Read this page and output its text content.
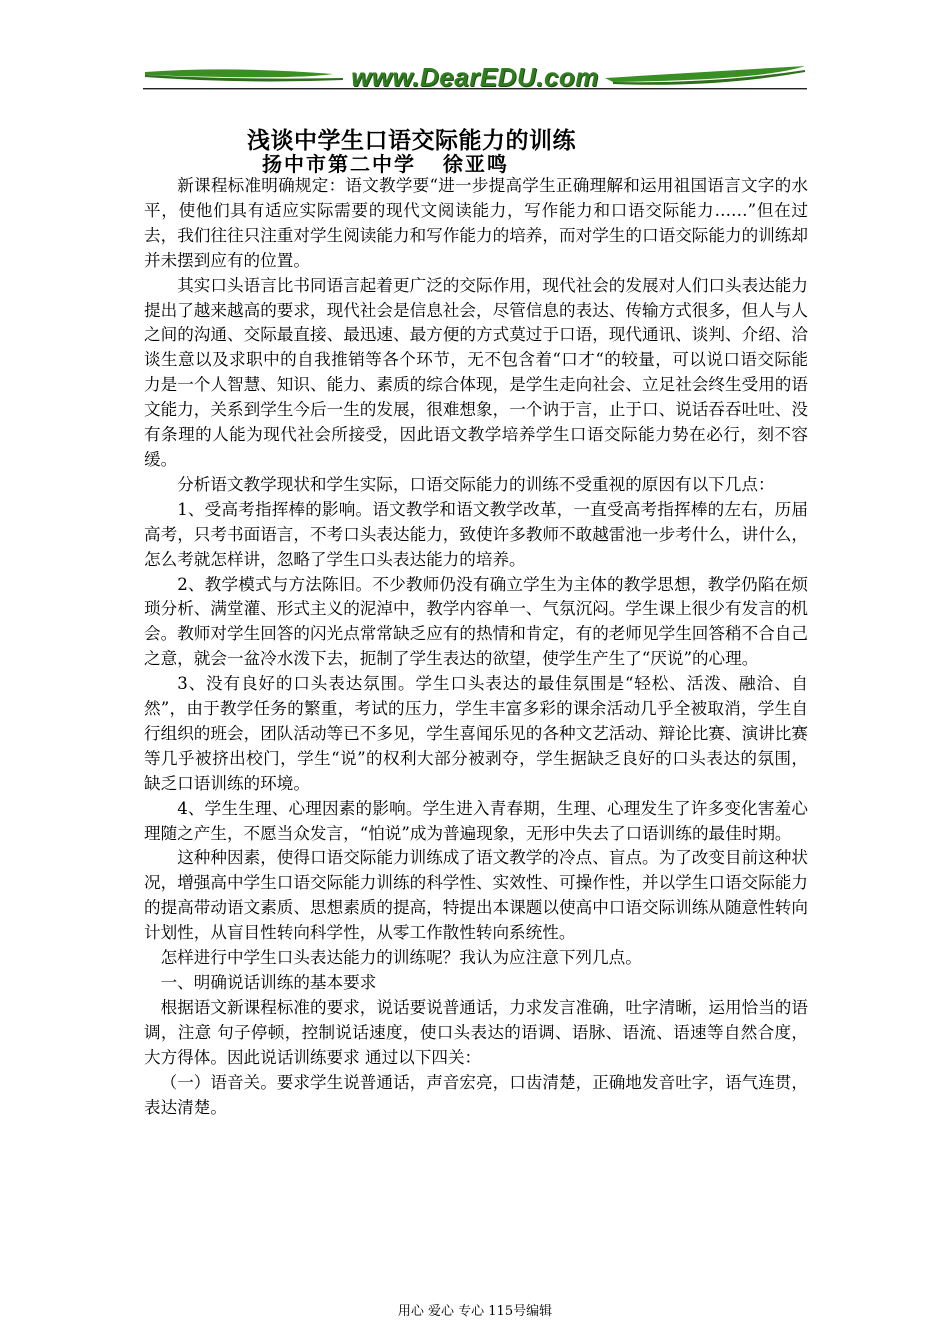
www.DearEDU.com
浅谈中学生口语交际能力的训练
扬中市第二中学   徐亚鸣

新课程标准明确规定：语文教学要“进一步提高学生正确理解和运用祖国语言文字的水平，使他们具有适应实际需要的现代文阅读能力，写作能力和口语交际能力……”但在过去，我们往往只注重对学生阅读能力和写作能力的培养，而对学生的口语交际能力的训练却并未摆到应有的位置。

其实口头语言比书同语言起着更广泛的交际作用，现代社会的发展对人们口头表达能力提出了越来越高的要求，现代社会是信息社会，尽管信息的表达、传输方式很多，但人与人之间的沟通、交际最直接、最迅速、最方便的方式莫过于口语，现代通讯、谈判、介绍、洽谈生意以及求职中的自我推销等各个环节，无不包含着“口才“的较量，可以说口语交际能力是一个人智慧、知识、能力、素质的综合体现，是学生走向社会、立足社会终生受用的语文能力，关系到学生今后一生的发展，很难想象，一个讷于言，止于口、说话吞吞吐吐、没有条理的人能为现代社会所接受，因此语文教学培养学生口语交际能力势在必行，刻不容缓。

分析语文教学现状和学生实际，口语交际能力的训练不受重视的原因有以下几点：

1、受高考指挥棒的影响。语文教学和语文教学改革，一直受高考指挥棒的左右，历届高考，只考书面语言，不考口头表达能力，致使许多教师不敢越雷池一步考什么，讲什么，怎么考就怎样讲，忽略了学生口头表达能力的培养。

2、教学模式与方法陈旧。不少教师仍没有确立学生为主体的教学思想，教学仍陷在烦琐分析、满堂灌、形式主义的泥淖中，教学内容单一、气氛沉闷。学生课上很少有发言的机会。教师对学生回答的闪光点常常缺乏应有的热情和肯定，有的老师见学生回答稍不合自己之意，就会一盆冷水泼下去，扼制了学生表达的欲望，使学生产生了“厌说”的心理。

3、没有良好的口头表达氛围。学生口头表达的最佳氛围是“轻松、活泼、融洽、自然”，由于教学任务的繁重，考试的压力，学生丰富多彩的课余活动几乎全被取消，学生自行组织的班会，团队活动等已不多见，学生喜闻乐见的各种文艺活动、辩论比赛、演讲比赛等几乎被挤出校门，学生“说”的权利大部分被剥夺，学生据缺乏良好的口头表达的氛围，缺乏口语训练的环境。

4、学生生理、心理因素的影响。学生进入青春期，生理、心理发生了许多变化害羞心理随之产生，不愿当众发言，“怕说”成为普遍现象，无形中失去了口语训练的最佳时期。

这种种因素，使得口语交际能力训练成了语文教学的冷点、盲点。为了改变目前这种状况，增强高中学生口语交际能力训练的科学性、实效性、可操作性，并以学生口语交际能力的提高带动语文素质、思想素质的提高，特提出本课题以使高中口语交际训练从随意性转向计划性，从盲目性转向科学性，从零工作散性转向系统性。

怎样进行中学生口头表达能力的训练呢？我认为应注意下列几点。

一、明确说话训练的基本要求

根据语文新课程标准的要求，说话要说普通话，力求发言准确，吐字清晰，运用恰当的语调，注意 句子停顿，控制说话速度，使口头表达的语调、语脉、语流、语速等自然合度，大方得体。因此说话训练要求 通过以下四关：

（一）语音关。要求学生说普通话，声音宏亮，口齿清楚，正确地发音吐字，语气连贯，表达清楚。

用心 爱心 专心 115号编辑
